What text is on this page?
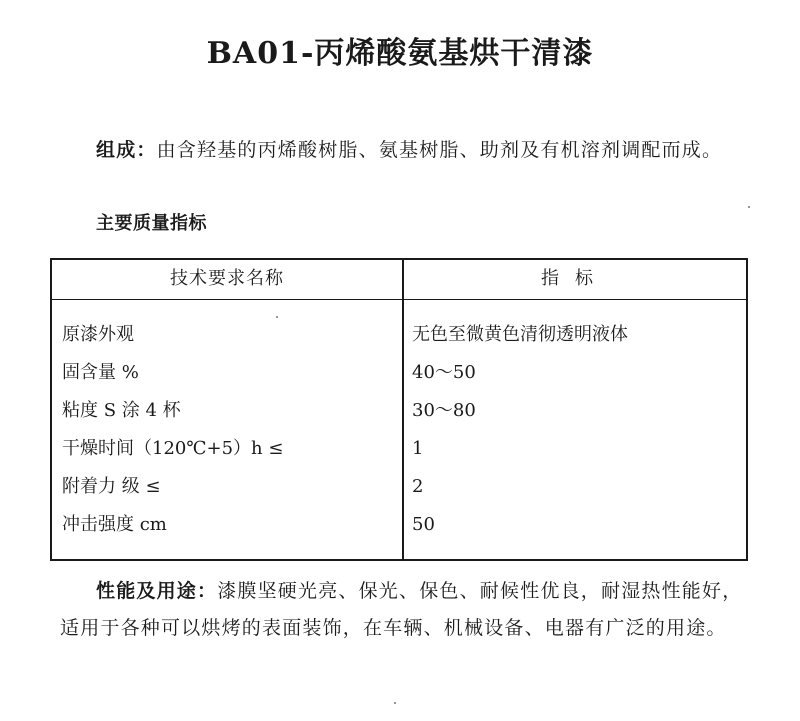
BA01-丙烯酸氨基烘干清漆
组成：由含羟基的丙烯酸树脂、氨基树脂、助剂及有机溶剂调配而成。
主要质量指标
技术要求名称	指标
原漆外观	无色至微黄色清彻透明液体
固含量 %	40～50
粘度 S 涂 4 杯	30～80
干燥时间（120℃+5）h ≤	1
附着力 级 ≤	2
冲击强度 cm	50
性能及用途：漆膜坚硬光亮、保光、保色、耐候性优良，耐湿热性能好，适用于各种可以烘烤的表面装饰，在车辆、机械设备、电器有广泛的用途。
